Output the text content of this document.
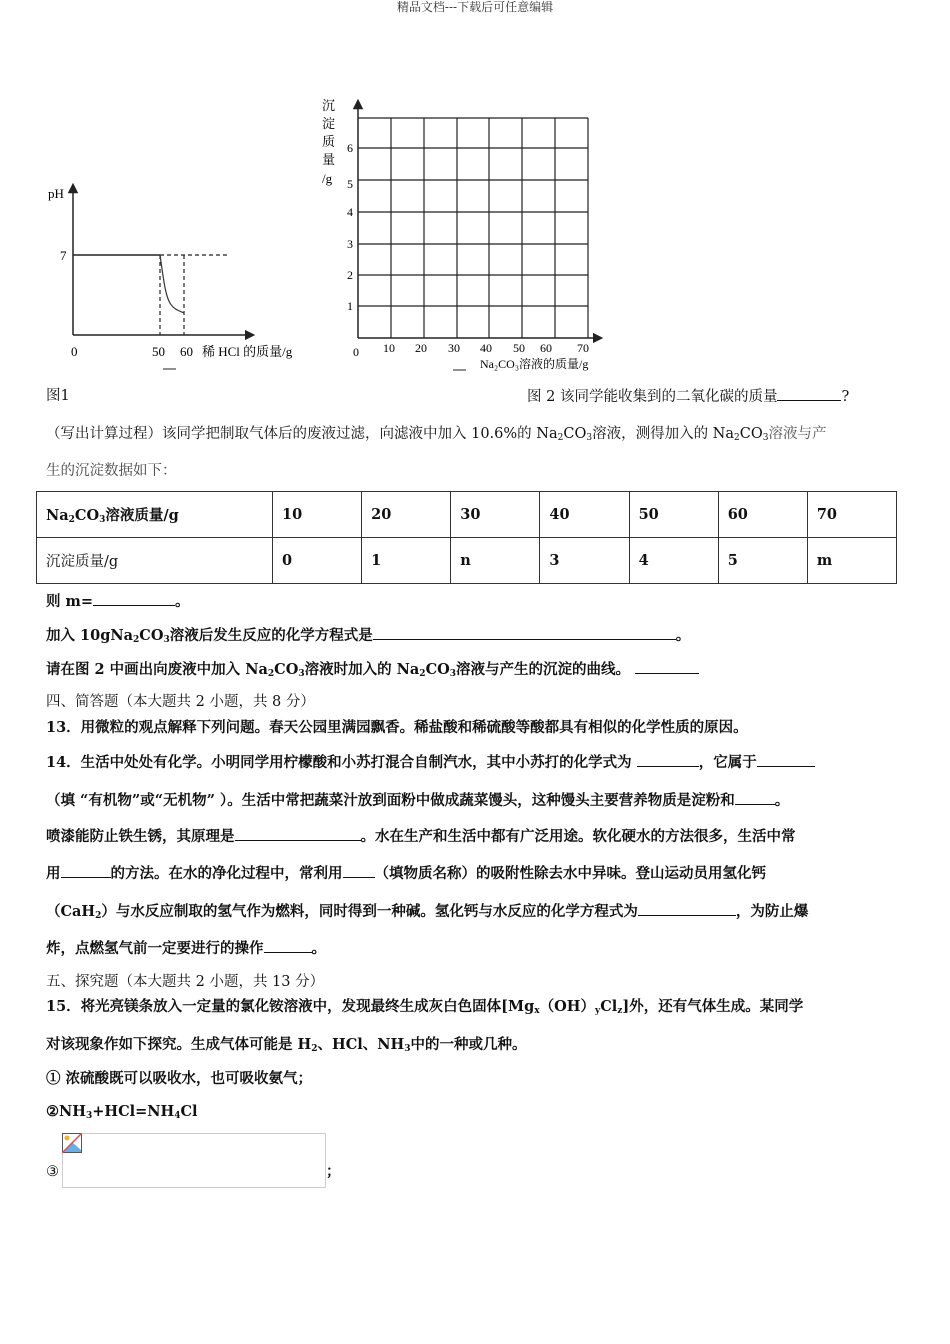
精品文档---下载后可任意编辑
pH
7
0	50 60 稀 HCl 的质量/g
沉
淀
质
量
/g
1
2
3
4
5
6
0 10 20 30 40 50 60 70
Na₂CO₃溶液的质量/g
图1	图 2 该同学能收集到的二氧化碳的质量	?
（写出计算过程）该同学把制取气体后的废液过滤，向滤液中加入 10.6%的 $Na_2CO_3$溶液，测得加入的 $Na_2CO_3$溶液与产
生的沉淀数据如下：
$Na_2CO_3$溶液质量/g	10	20	30	40	50	60	70
沉淀质量/g	0	1	n	3	4	5	m
则 m=	。
加入 $10gNa_2CO_3$溶液后发生反应的化学方程式是	。
请在图 2 中画出向废液中加入 $Na_2CO_3$溶液时加入的 $Na_2CO_3$溶液与产生的沉淀的曲线。
四、简答题（本大题共 2 小题，共 8 分）
13．用微粒的观点解释下列问题。春天公园里满园飘香。稀盐酸和稀硫酸等酸都具有相似的化学性质的原因。
14．生活中处处有化学。小明同学用柠檬酸和小苏打混合自制汽水，其中小苏打的化学式为	，它属于
（填 “有机物”或“无机物” ）。生活中常把蔬菜汁放到面粉中做成蔬菜馒头，这种馒头主要营养物质是淀粉和	。
喷漆能防止铁生锈，其原理是	。水在生产和生活中都有广泛用途。软化硬水的方法很多，生活中常
用	的方法。在水的净化过程中，常利用 （填物质名称）的吸附性除去水中异味。登山运动员用氢化钙
（CaH$_2$）与水反应制取的氢气作为燃料，同时得到一种碱。氢化钙与水反应的化学方程式为	，为防止爆
炸，点燃氢气前一定要进行的操作	。
五、探究题（本大题共 2 小题，共 13 分）
15．将光亮镁条放入一定量的氯化铵溶液中，发现最终生成灰白色固体$[Mg_x(OH)_yCl_z]$外，还有气体生成。某同学
对该现象作如下探究。生成气体可能是 $H_2$、HCl、$NH_3$中的一种或几种。
① 浓硫酸既可以吸收水，也可吸收氨气；
$②NH_3+HCl=NH_4Cl$
③	；
